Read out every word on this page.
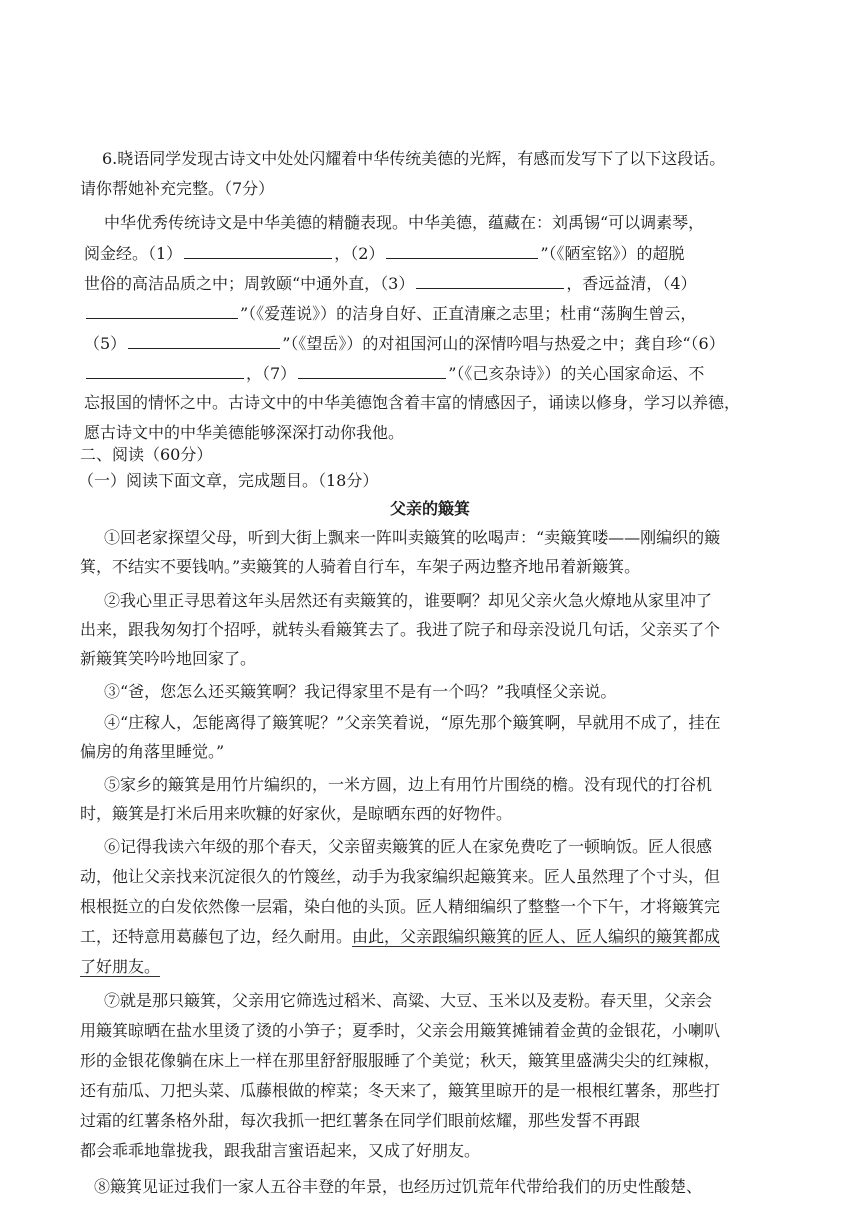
6.晓语同学发现古诗文中处处闪耀着中华传统美德的光辉，有感而发写下了以下这段话。
请你帮她补充完整。（7分）
中华优秀传统诗文是中华美德的精髓表现。中华美德，蕴藏在：刘禹锡“可以调素琴，
阅金经。（1）	，（2）	”（《陋室铭》）的超脱
世俗的高洁品质之中；周敦颐“中通外直，（3）	，香远益清，（4）
”（《爱莲说》）的洁身自好、正直清廉之志里；杜甫“荡胸生曾云，
（5）	”（《望岳》）的对祖国河山的深情吟唱与热爱之中；龚自珍“（6）
，（7）	”（《己亥杂诗》）的关心国家命运、不
忘报国的情怀之中。古诗文中的中华美德饱含着丰富的情感因子，诵读以修身，学习以养德，
愿古诗文中的中华美德能够深深打动你我他。
二、阅读（60分）
（一）阅读下面文章，完成题目。（18分）
父亲的簸箕
①回老家探望父母，听到大街上飘来一阵叫卖簸箕的吆喝声：“卖簸箕喽——刚编织的簸
箕，不结实不要钱呐。”卖簸箕的人骑着自行车，车架子两边整齐地吊着新簸箕。
②我心里正寻思着这年头居然还有卖簸箕的，谁要啊？却见父亲火急火燎地从家里冲了
出来，跟我匆匆打个招呼，就转头看簸箕去了。我进了院子和母亲没说几句话，父亲买了个
新簸箕笑吟吟地回家了。
③“爸，您怎么还买簸箕啊？我记得家里不是有一个吗？”我嗔怪父亲说。
④“庄稼人，怎能离得了簸箕呢？”父亲笑着说，“原先那个簸箕啊，早就用不成了，挂在
偏房的角落里睡觉。”
⑤家乡的簸箕是用竹片编织的，一米方圆，边上有用竹片围绕的檐。没有现代的打谷机
时，簸箕是打米后用来吹糠的好家伙，是晾晒东西的好物件。
⑥记得我读六年级的那个春天，父亲留卖簸箕的匠人在家免费吃了一顿晌饭。匠人很感
动，他让父亲找来沉淀很久的竹篾丝，动手为我家编织起簸箕来。匠人虽然理了个寸头，但
根根挺立的白发依然像一层霜，染白他的头顶。匠人精细编织了整整一个下午，才将簸箕完
工，还特意用葛藤包了边，经久耐用。由此，父亲跟编织簸箕的匠人、匠人编织的簸箕都成
了好朋友。
⑦就是那只簸箕，父亲用它筛选过稻米、高粱、大豆、玉米以及麦粉。春天里，父亲会
用簸箕晾晒在盐水里烫了烫的小笋子；夏季时，父亲会用簸箕摊铺着金黄的金银花，小喇叭
形的金银花像躺在床上一样在那里舒舒服服睡了个美觉；秋天，簸箕里盛满尖尖的红辣椒，
还有茄瓜、刀把头菜、瓜藤根做的榨菜；冬天来了，簸箕里晾开的是一根根红薯条，那些打
过霜的红薯条格外甜，每次我抓一把红薯条在同学们眼前炫耀，那些发誓不再跟
都会乖乖地靠拢我，跟我甜言蜜语起来，又成了好朋友。
⑧簸箕见证过我们一家人五谷丰登的年景，也经历过饥荒年代带给我们的历史性酸楚、
